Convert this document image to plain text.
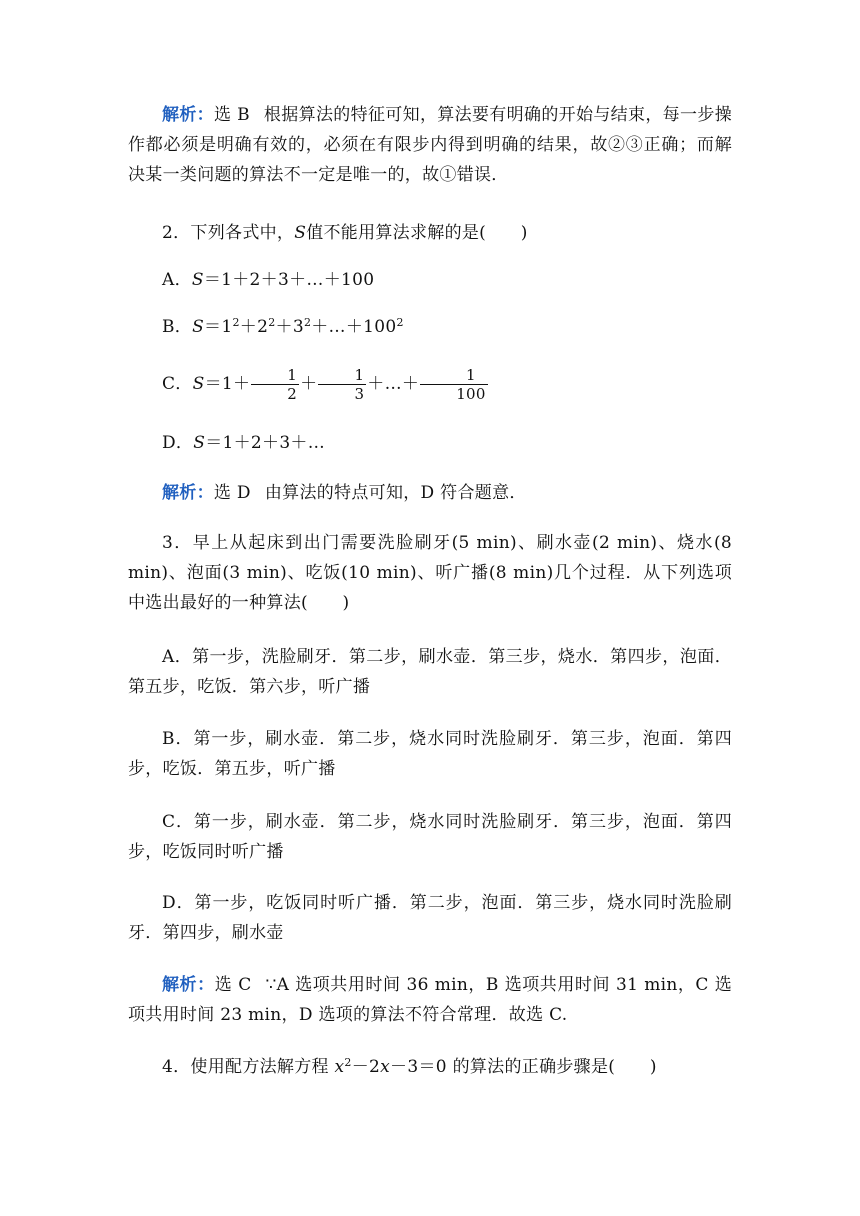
解析：选 B 根据算法的特征可知，算法要有明确的开始与结束，每一步操作都必须是明确有效的，必须在有限步内得到明确的结果，故②③正确；而解决某一类问题的算法不一定是唯一的，故①错误．
2．下列各式中，S值不能用算法求解的是(　　)
A．S＝1＋2＋3＋…＋100
B．$S=1^2+2^2+3^2+\dots+100^2$
C．$S=1+ \frac{1}{2} + \frac{1}{3}$ ＋…＋ $\frac{1}{100}$
D．S＝1＋2＋3＋…
解析：选 D 由算法的特点可知，D 符合题意．
3．早上从起床到出门需要洗脸刷牙(5 min)、刷水壶(2 min)、烧水(8 min)、泡面(3 min)、吃饭(10 min)、听广播(8 min)几个过程．从下列选项中选出最好的一种算法(　　)
A．第一步，洗脸刷牙．第二步，刷水壶．第三步，烧水．第四步，泡面．第五步，吃饭．第六步，听广播
B．第一步，刷水壶．第二步，烧水同时洗脸刷牙．第三步，泡面．第四步，吃饭．第五步，听广播
C．第一步，刷水壶．第二步，烧水同时洗脸刷牙．第三步，泡面．第四步，吃饭同时听广播
D．第一步，吃饭同时听广播．第二步，泡面．第三步，烧水同时洗脸刷牙．第四步，刷水壶
解析：选 C ∵A 选项共用时间 36 min，B 选项共用时间 31 min，C 选项共用时间 23 min，D 选项的算法不符合常理．故选 C.
4．使用配方法解方程 $x^2-2x-3=0$ 的算法的正确步骤是(　　)
